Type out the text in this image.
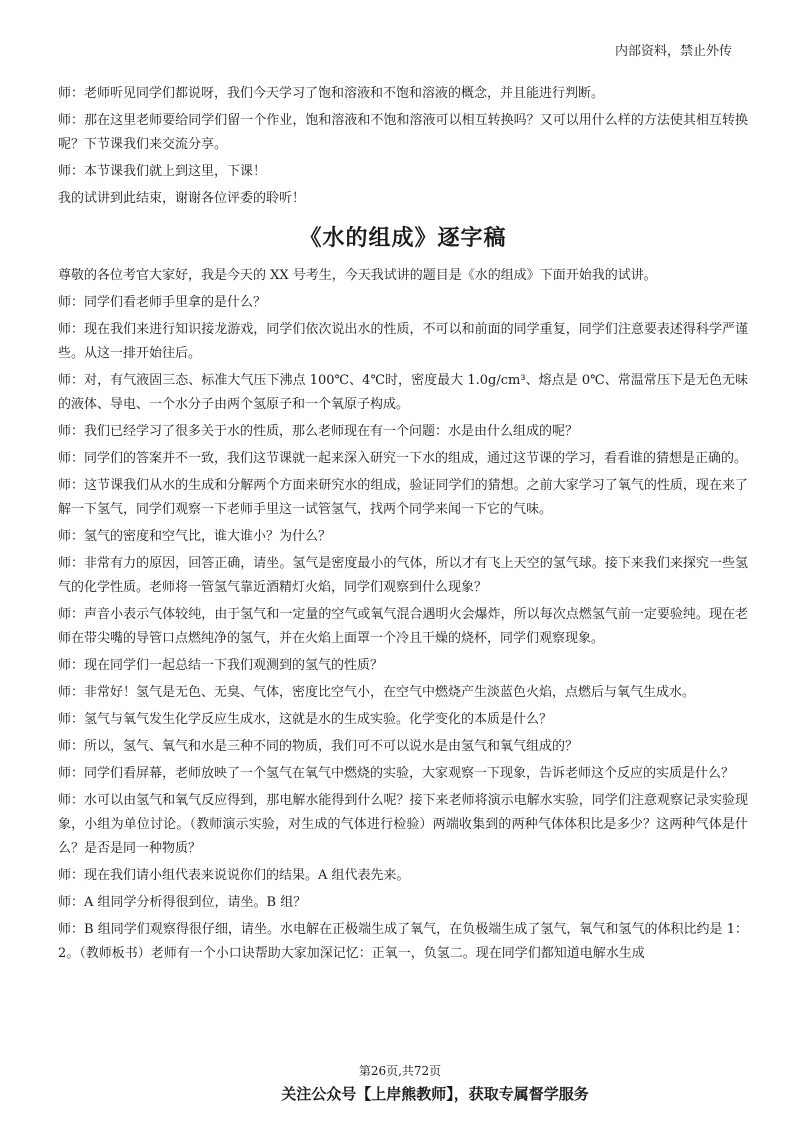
内部资料，禁止外传

师：老师听见同学们都说呀，我们今天学习了饱和溶液和不饱和溶液的概念，并且能进行判断。

师：那在这里老师要给同学们留一个作业，饱和溶液和不饱和溶液可以相互转换吗？又可以用什么样的方法使其相互转换呢？下节课我们来交流分享。

师：本节课我们就上到这里，下课！

我的试讲到此结束，谢谢各位评委的聆听！

《水的组成》逐字稿

尊敬的各位考官大家好，我是今天的 XX 号考生，今天我试讲的题目是《水的组成》下面开始我的试讲。

师：同学们看老师手里拿的是什么？

师：现在我们来进行知识接龙游戏，同学们依次说出水的性质，不可以和前面的同学重复，同学们注意要表述得科学严谨些。从这一排开始往后。

师：对，有气液固三态、标准大气压下沸点 100℃、4℃时，密度最大 1.0g/cm³、熔点是 0℃、常温常压下是无色无味的液体、导电、一个水分子由两个氢原子和一个氧原子构成。

师：我们已经学习了很多关于水的性质，那么老师现在有一个问题：水是由什么组成的呢？

师：同学们的答案并不一致，我们这节课就一起来深入研究一下水的组成，通过这节课的学习，看看谁的猜想是正确的。

师：这节课我们从水的生成和分解两个方面来研究水的组成，验证同学们的猜想。之前大家学习了氧气的性质，现在来了解一下氢气，同学们观察一下老师手里这一试管氢气，找两个同学来闻一下它的气味。

师：氢气的密度和空气比，谁大谁小？为什么？

师：非常有力的原因，回答正确，请坐。氢气是密度最小的气体，所以才有飞上天空的氢气球。接下来我们来探究一些氢气的化学性质。老师将一管氢气靠近酒精灯火焰，同学们观察到什么现象？

师：声音小表示气体较纯，由于氢气和一定量的空气或氧气混合遇明火会爆炸，所以每次点燃氢气前一定要验纯。现在老师在带尖嘴的导管口点燃纯净的氢气，并在火焰上面罩一个冷且干燥的烧杯，同学们观察现象。

师：现在同学们一起总结一下我们观测到的氢气的性质？

师：非常好！氢气是无色、无臭、气体，密度比空气小，在空气中燃烧产生淡蓝色火焰，点燃后与氧气生成水。

师：氢气与氧气发生化学反应生成水，这就是水的生成实验。化学变化的本质是什么？

师：所以，氢气、氧气和水是三种不同的物质，我们可不可以说水是由氢气和氧气组成的？

师：同学们看屏幕，老师放映了一个氢气在氧气中燃烧的实验，大家观察一下现象，告诉老师这个反应的实质是什么？

师：水可以由氢气和氧气反应得到，那电解水能得到什么呢？接下来老师将演示电解水实验，同学们注意观察记录实验现象，小组为单位讨论。（教师演示实验，对生成的气体进行检验）两端收集到的两种气体体积比是多少？这两种气体是什么？是否是同一种物质？

师：现在我们请小组代表来说说你们的结果。A 组代表先来。

师：A 组同学分析得很到位，请坐。B 组？

师：B 组同学们观察得很仔细，请坐。水电解在正极端生成了氧气，在负极端生成了氢气，氧气和氢气的体积比约是 1：2。（教师板书）老师有一个小口诀帮助大家加深记忆：正氧一，负氢二。现在同学们都知道电解水生成

第26页,共72页
关注公众号【上岸熊教师】，获取专属督学服务
